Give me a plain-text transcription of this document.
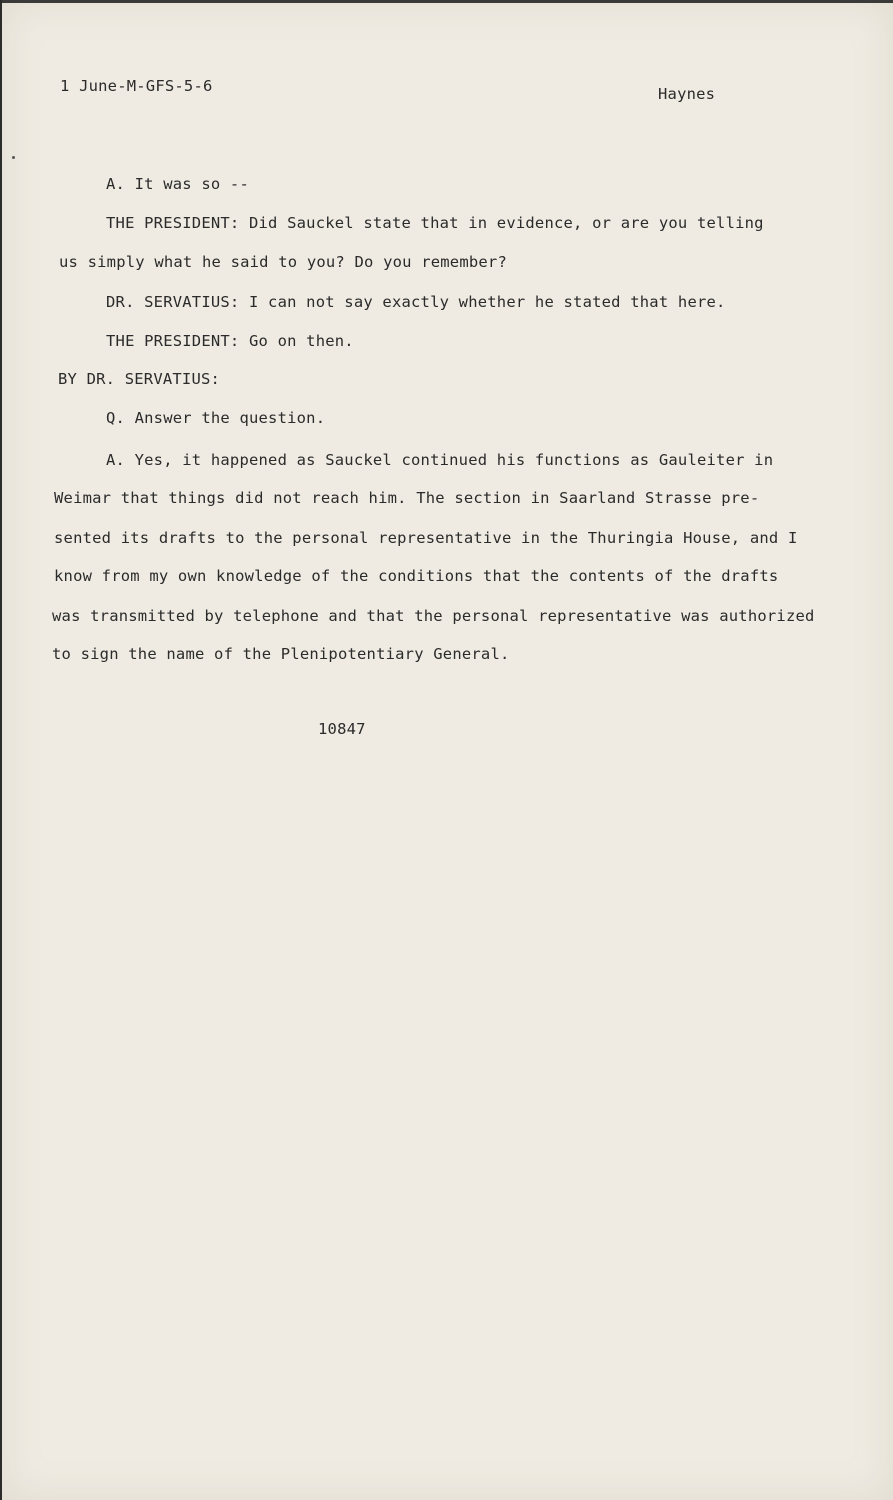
1 June-M-GFS-5-6	Haynes
A. It was so --
THE PRESIDENT: Did Sauckel state that in evidence, or are you telling
us simply what he said to you? Do you remember?
DR. SERVATIUS: I can not say exactly whether he stated that here.
THE PRESIDENT: Go on then.
BY DR. SERVATIUS:
Q. Answer the question.
A. Yes, it happened as Sauckel continued his functions as Gauleiter in
Weimar that things did not reach him. The section in Saarland Strasse pre-
sented its drafts to the personal representative in the Thuringia House, and I
know from my own knowledge of the conditions that the contents of the drafts
was transmitted by telephone and that the personal representative was authorized
to sign the name of the Plenipotentiary General.
10847
